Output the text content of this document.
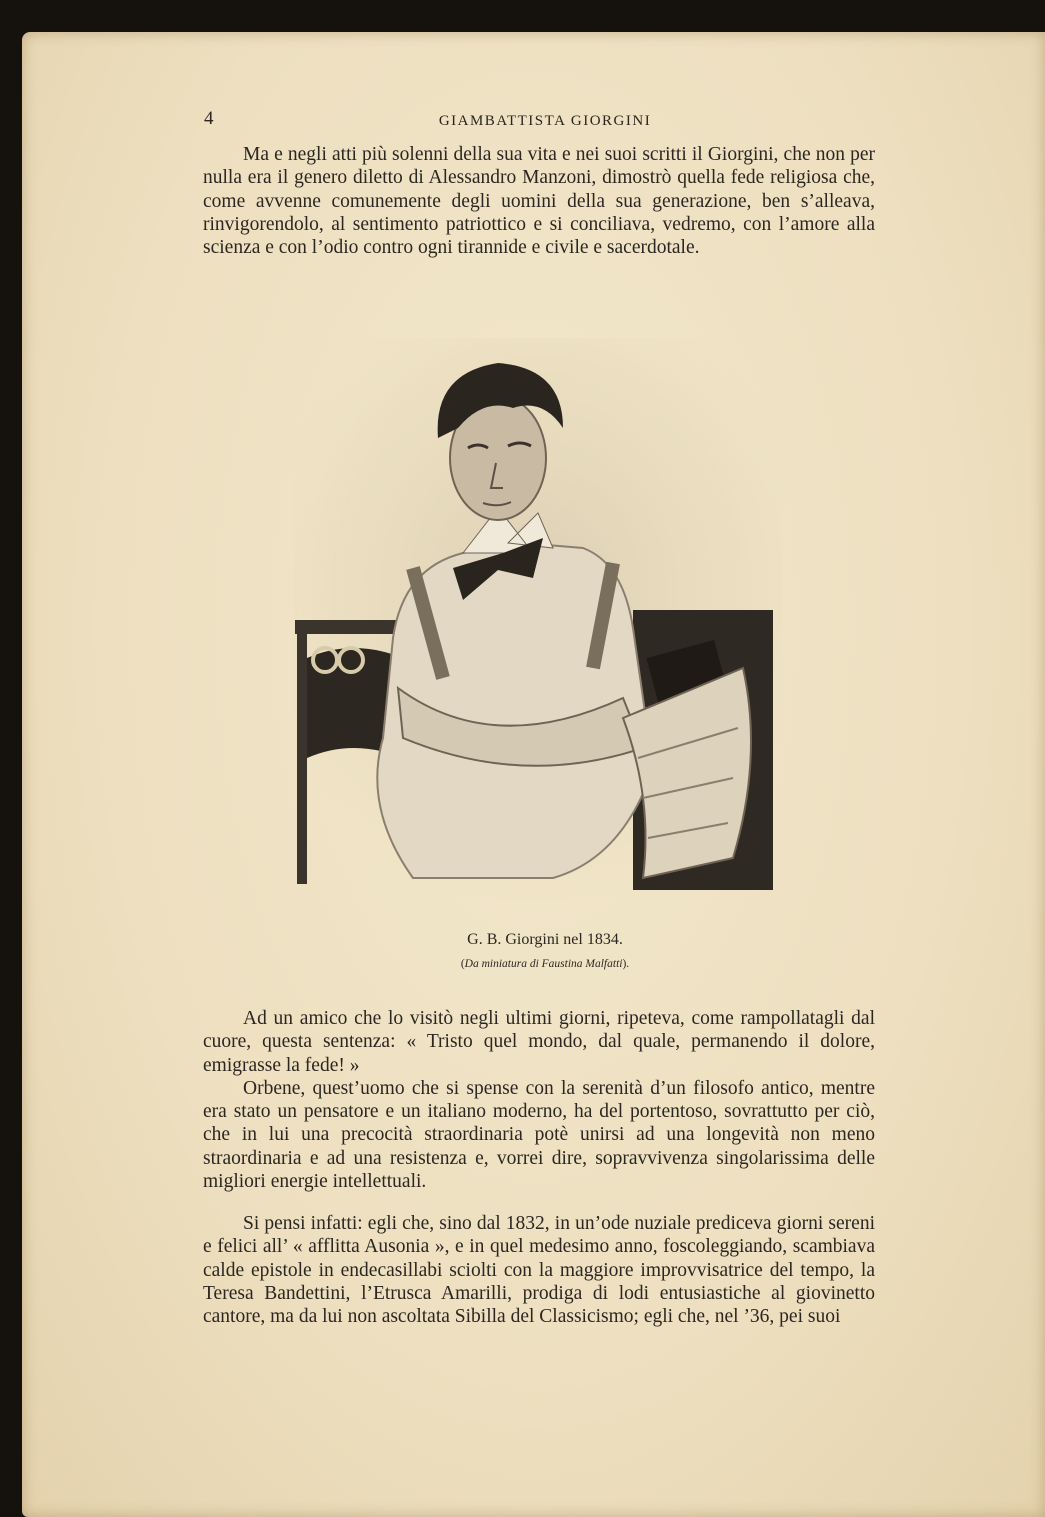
4	GIAMBATTISTA GIORGINI

Ma e negli atti più solenni della sua vita e nei suoi scritti il Giorgini, che non per nulla era il genero diletto di Alessandro Manzoni, dimostrò quella fede religiosa che, come avvenne comunemente degli uomini della sua generazione, ben s’alleava, rinvigorendolo, al sentimento patriottico e si conciliava, vedremo, con l’amore alla scienza e con l’odio contro ogni tirannide e civile e sacerdotale.

G. B. Giorgini nel 1834.
(Da miniatura di Faustina Malfatti).

Ad un amico che lo visitò negli ultimi giorni, ripeteva, come rampollatagli dal cuore, questa sentenza: « Tristo quel mondo, dal quale, permanendo il dolore, emigrasse la fede! »

Orbene, quest’uomo che si spense con la serenità d’un filosofo antico, mentre era stato un pensatore e un italiano moderno, ha del portentoso, sovrattutto per ciò, che in lui una precocità straordinaria potè unirsi ad una longevità non meno straordinaria e ad una resistenza e, vorrei dire, sopravvivenza singolarissima delle migliori energie intellettuali.

Si pensi infatti: egli che, sino dal 1832, in un’ode nuziale prediceva giorni sereni e felici all’ « afflitta Ausonia », e in quel medesimo anno, foscoleggiando, scambiava calde epistole in endecasillabi sciolti con la maggiore improvvisatrice del tempo, la Teresa Bandettini, l’Etrusca Amarilli, prodiga di lodi entusiastiche al giovinetto cantore, ma da lui non ascoltata Sibilla del Classicismo; egli che, nel ’36, pei suoi
